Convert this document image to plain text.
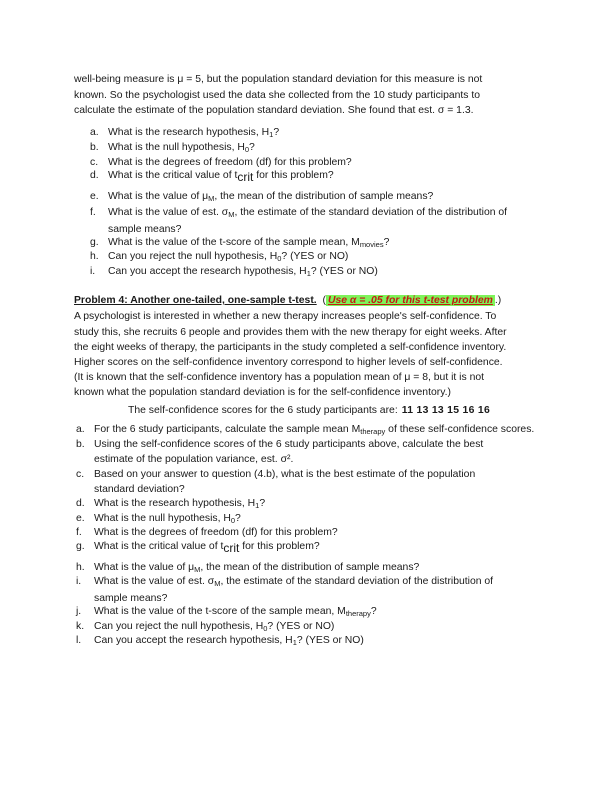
well-being measure is μ = 5, but the population standard deviation for this measure is not
known. So the psychologist used the data she collected from the 10 study participants to
calculate the estimate of the population standard deviation. She found that est. σ = 1.3.
a. What is the research hypothesis, $H_1$?
b. What is the null hypothesis, $H_0$?
c. What is the degrees of freedom (df) for this problem?
d. What is the critical value of tcrit for this problem?
e. What is the value of $\mu_M$, the mean of the distribution of sample means?
f.	What is the value of est. $\sigma_M$, the estimate of the standard deviation of the distribution of
sample means?
g. What is the value of the t-score of the sample mean, $M_{movies}$?
h. Can you reject the null hypothesis, $H_0$? (YES or NO)
i.	Can you accept the research hypothesis, $H_1$? (YES or NO)
Problem 4: Another one-tailed, one-sample t-test. ( Use α = .05 for this t-test problem .)
A psychologist is interested in whether a new therapy increases people's self-confidence. To
study this, she recruits 6 people and provides them with the new therapy for eight weeks. After
the eight weeks of therapy, the participants in the study completed a self-confidence inventory.
Higher scores on the self-confidence inventory correspond to higher levels of self-confidence.
(It is known that the self-confidence inventory has a population mean of μ = 8, but it is not
known what the population standard deviation is for the self-confidence inventory.)
The self-confidence scores for the 6 study participants are: 11 13 13 15 16 16
a. For the 6 study participants, calculate the sample mean $M_{therapy}$ of these self-confidence scores.
b. Using the self-confidence scores of the 6 study participants above, calculate the best
estimate of the population variance, est. σ².
c. Based on your answer to question (4.b), what is the best estimate of the population
standard deviation?
d. What is the research hypothesis, $H_1$?
e. What is the null hypothesis, $H_0$?
f.	What is the degrees of freedom (df) for this problem?
g. What is the critical value of tcrit for this problem?
h. What is the value of $\mu_M$, the mean of the distribution of sample means?
i.	What is the value of est. $\sigma_M$, the estimate of the standard deviation of the distribution of
sample means?
j.	What is the value of the t-score of the sample mean, $M_{therapy}$?
k. Can you reject the null hypothesis, $H_0$? (YES or NO)
l.	Can you accept the research hypothesis, $H_1$? (YES or NO)
